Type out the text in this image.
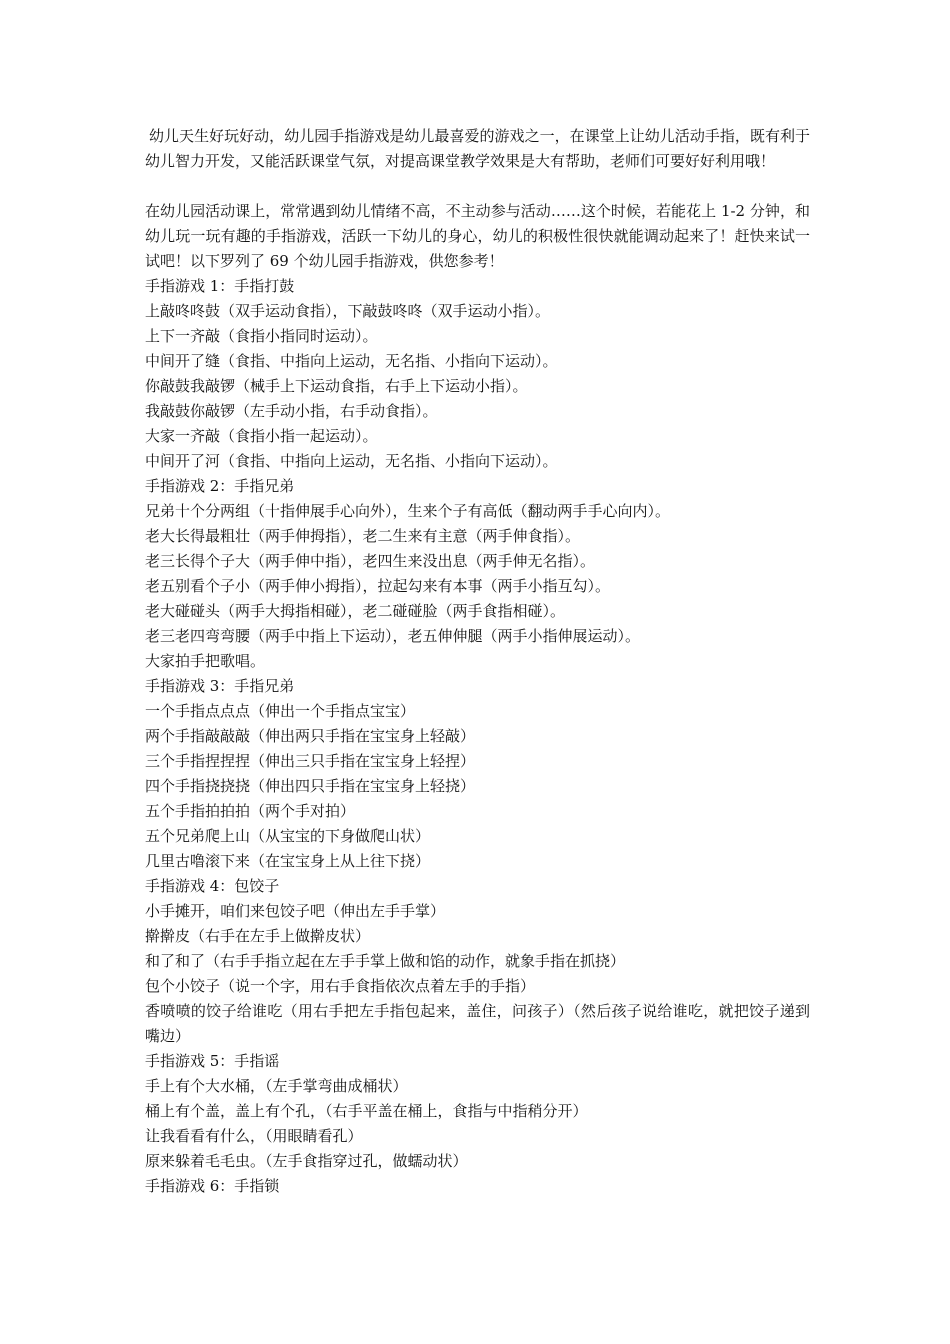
幼儿天生好玩好动，幼儿园手指游戏是幼儿最喜爱的游戏之一，在课堂上让幼儿活动手指，既有利于幼儿智力开发，又能活跃课堂气氛，对提高课堂教学效果是大有帮助，老师们可要好好利用哦！

在幼儿园活动课上，常常遇到幼儿情绪不高，不主动参与活动……这个时候，若能花上 1-2 分钟，和幼儿玩一玩有趣的手指游戏，活跃一下幼儿的身心，幼儿的积极性很快就能调动起来了！赶快来试一试吧！以下罗列了 69 个幼儿园手指游戏，供您参考！

手指游戏 1：手指打鼓

上敲咚咚鼓（双手运动食指），下敲鼓咚咚（双手运动小指）。

上下一齐敲（食指小指同时运动）。

中间开了缝（食指、中指向上运动，无名指、小指向下运动）。

你敲鼓我敲锣（械手上下运动食指，右手上下运动小指）。

我敲鼓你敲锣（左手动小指，右手动食指）。

大家一齐敲（食指小指一起运动）。

中间开了河（食指、中指向上运动，无名指、小指向下运动）。

手指游戏 2：手指兄弟

兄弟十个分两组（十指伸展手心向外），生来个子有高低（翻动两手手心向内）。

老大长得最粗壮（两手伸拇指），老二生来有主意（两手伸食指）。

老三长得个子大（两手伸中指），老四生来没出息（两手伸无名指）。

老五别看个子小（两手伸小拇指），拉起勾来有本事（两手小指互勾）。

老大碰碰头（两手大拇指相碰），老二碰碰脸（两手食指相碰）。

老三老四弯弯腰（两手中指上下运动），老五伸伸腿（两手小指伸展运动）。

大家拍手把歌唱。

手指游戏 3：手指兄弟

一个手指点点点（伸出一个手指点宝宝）

两个手指敲敲敲（伸出两只手指在宝宝身上轻敲）

三个手指捏捏捏（伸出三只手指在宝宝身上轻捏）

四个手指挠挠挠（伸出四只手指在宝宝身上轻挠）

五个手指拍拍拍（两个手对拍）

五个兄弟爬上山（从宝宝的下身做爬山状）

几里古噜滚下来（在宝宝身上从上往下挠）

手指游戏 4：包饺子

小手摊开，咱们来包饺子吧（伸出左手手掌）

擀擀皮（右手在左手上做擀皮状）

和了和了（右手手指立起在左手手掌上做和馅的动作，就象手指在抓挠）

包个小饺子（说一个字，用右手食指依次点着左手的手指）

香喷喷的饺子给谁吃（用右手把左手指包起来，盖住，问孩子）（然后孩子说给谁吃，就把饺子递到嘴边）

手指游戏 5：手指谣

手上有个大水桶，（左手掌弯曲成桶状）

桶上有个盖，盖上有个孔，（右手平盖在桶上，食指与中指稍分开）

让我看看有什么，（用眼睛看孔）

原来躲着毛毛虫。（左手食指穿过孔，做蠕动状）

手指游戏 6：手指锁
